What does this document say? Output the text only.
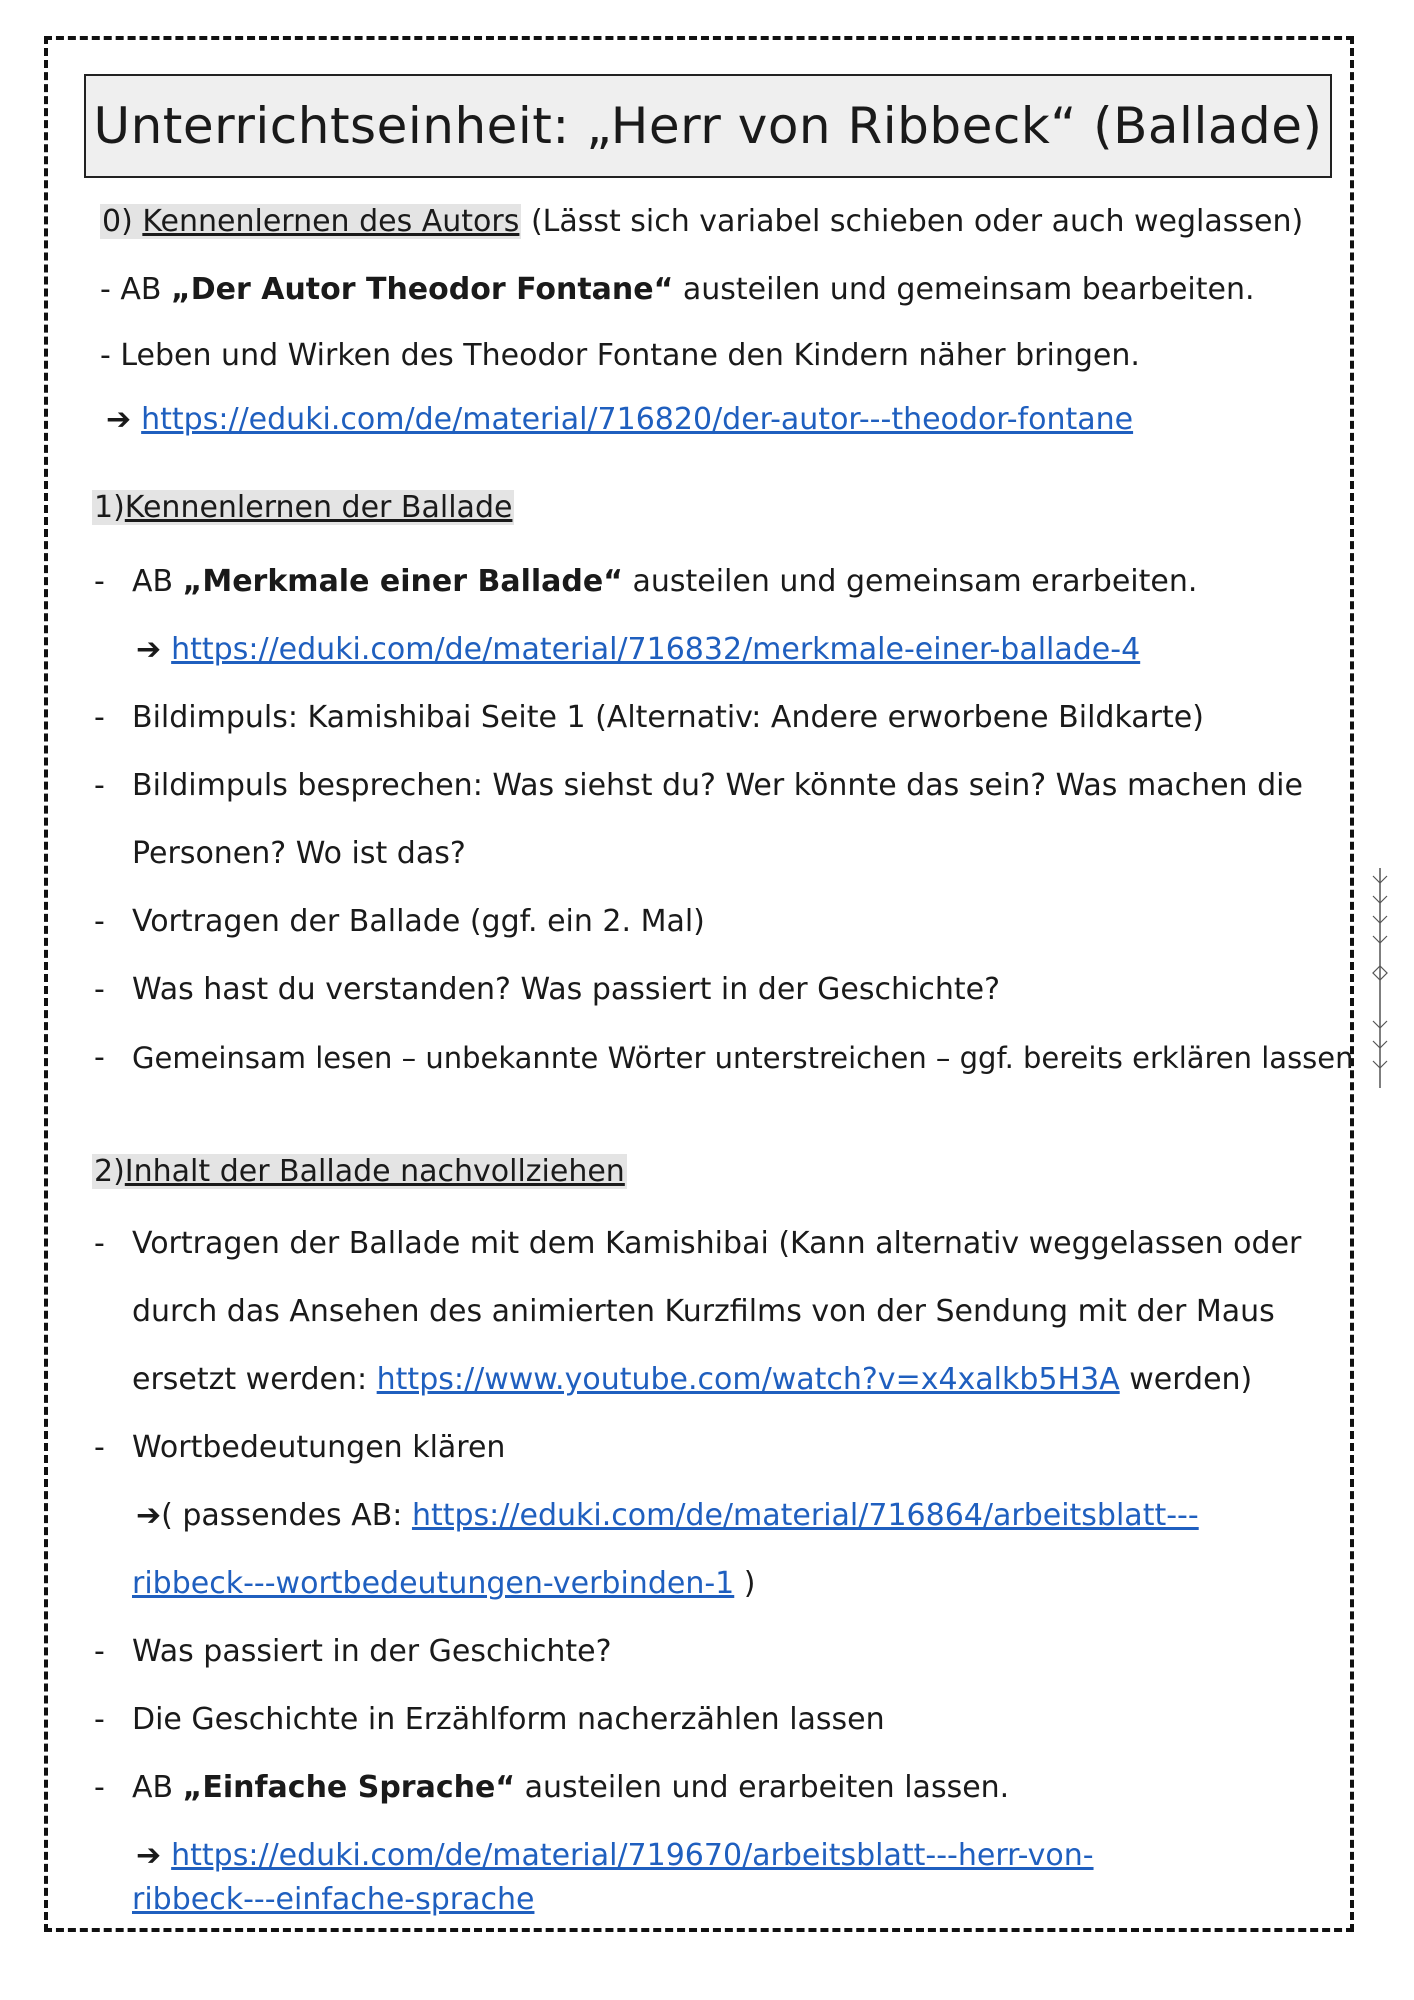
Unterrichtseinheit: „Herr von Ribbeck“ (Ballade)
0) Kennenlernen des Autors (Lässt sich variabel schieben oder auch weglassen)
- AB „Der Autor Theodor Fontane“ austeilen und gemeinsam bearbeiten.
- Leben und Wirken des Theodor Fontane den Kindern näher bringen.
➔ https://eduki.com/de/material/716820/der-autor---theodor-fontane
1)Kennenlernen der Ballade
- AB „Merkmale einer Ballade“ austeilen und gemeinsam erarbeiten.
➔ https://eduki.com/de/material/716832/merkmale-einer-ballade-4
- Bildimpuls: Kamishibai Seite 1 (Alternativ: Andere erworbene Bildkarte)
- Bildimpuls besprechen: Was siehst du? Wer könnte das sein? Was machen die
Personen? Wo ist das?
- Vortragen der Ballade (ggf. ein 2. Mal)
- Was hast du verstanden? Was passiert in der Geschichte?
- Gemeinsam lesen – unbekannte Wörter unterstreichen – ggf. bereits erklären lassen
2)Inhalt der Ballade nachvollziehen
- Vortragen der Ballade mit dem Kamishibai (Kann alternativ weggelassen oder
durch das Ansehen des animierten Kurzfilms von der Sendung mit der Maus
ersetzt werden: https://www.youtube.com/watch?v=x4xalkb5H3A werden)
- Wortbedeutungen klären
➔( passendes AB: https://eduki.com/de/material/716864/arbeitsblatt---
ribbeck---wortbedeutungen-verbinden-1 )
- Was passiert in der Geschichte?
- Die Geschichte in Erzählform nacherzählen lassen
- AB „Einfache Sprache“ austeilen und erarbeiten lassen.
➔ https://eduki.com/de/material/719670/arbeitsblatt---herr-von-
ribbeck---einfache-sprache
